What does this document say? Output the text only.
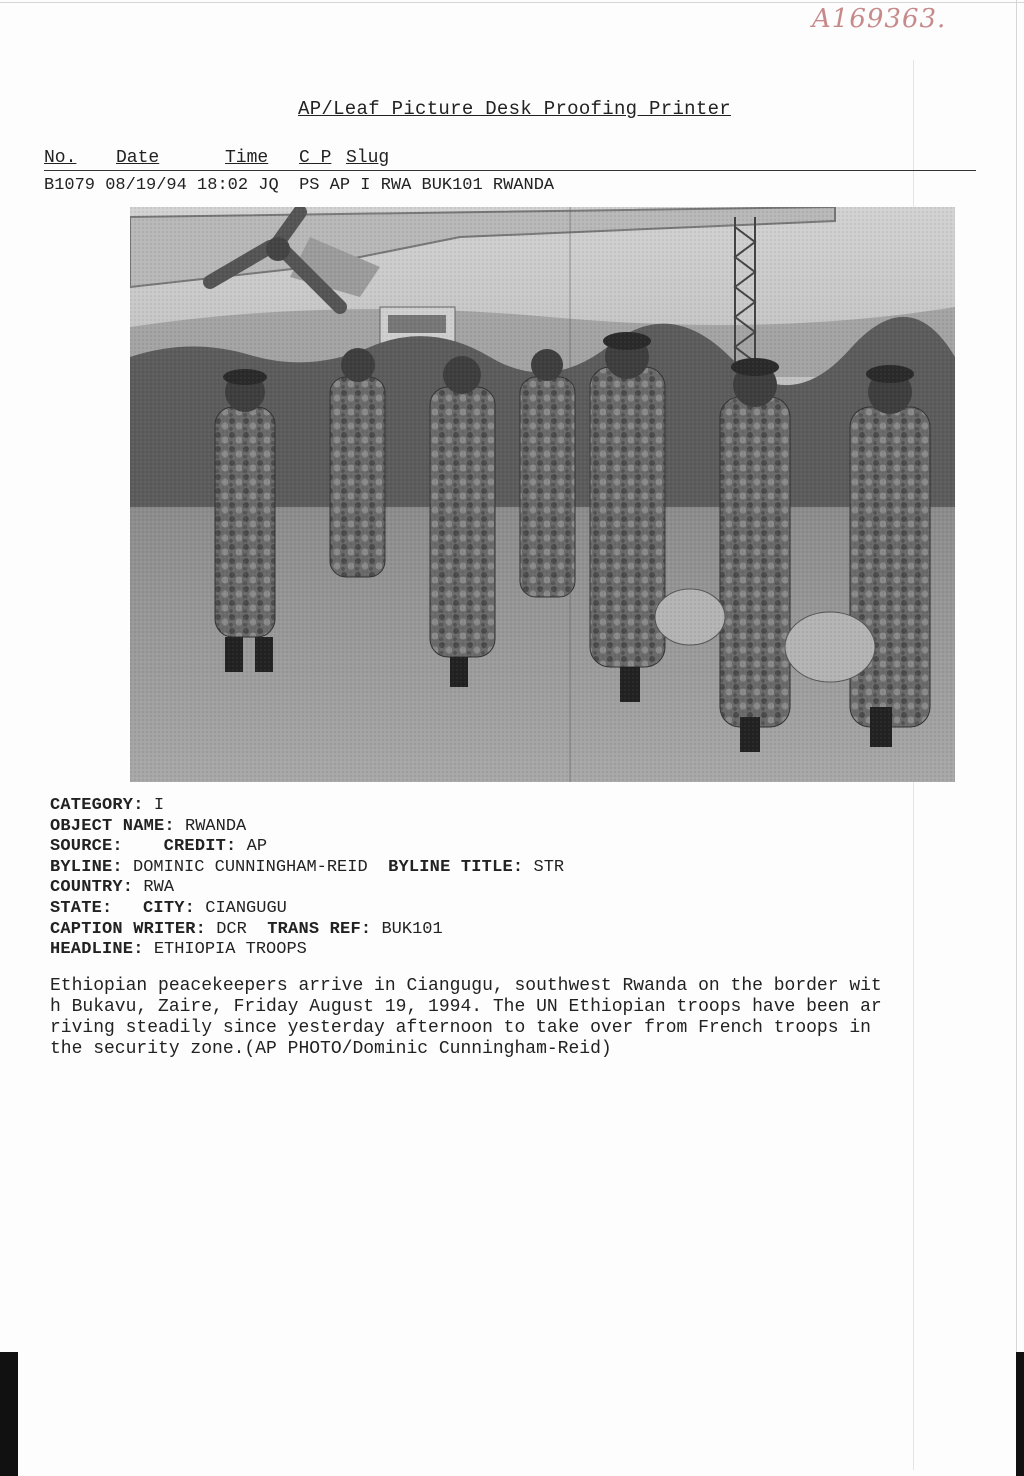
A169363.
AP/Leaf Picture Desk Proofing Printer
No. Date	Time C P Slug
B1079 08/19/94 18:02 JQ PS AP I RWA BUK101 RWANDA
CATEGORY: I
OBJECT NAME: RWANDA
SOURCE: CREDIT: AP
BYLINE: DOMINIC CUNNINGHAM-REID BYLINE TITLE: STR
COUNTRY: RWA
STATE: CITY: CIANGUGU
CAPTION WRITER: DCR TRANS REF: BUK101
HEADLINE: ETHIOPIA TROOPS
Ethiopian peacekeepers arrive in Ciangugu, southwest Rwanda on the border wit
h Bukavu, Zaire, Friday August 19, 1994. The UN Ethiopian troops have been ar
riving steadily since yesterday afternoon to take over from French troops in
the security zone.(AP PHOTO/Dominic Cunningham-Reid)
